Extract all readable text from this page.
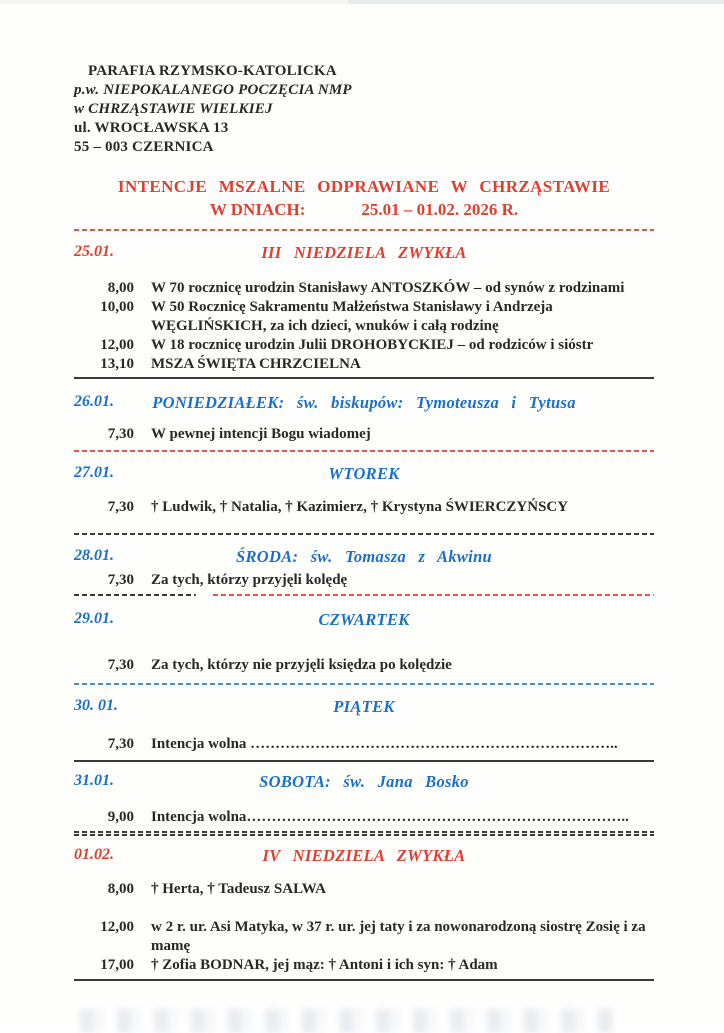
PARAFIA RZYMSKO-KATOLICKA
p.w. NIEPOKALANEGO POCZĘCIA NMP
w CHRZĄSTAWIE WIELKIEJ
ul. WROCŁAWSKA 13
55 – 003 CZERNICA
INTENCJE MSZALNE ODPRAWIANE W CHRZĄSTAWIE
W DNIACH:	25.01 – 01.02. 2026 R.
25.01.	III NIEDZIELA ZWYKŁA
8,00	W 70 rocznicę urodzin Stanisławy ANTOSZKÓW – od synów z rodzinami
10,00	W 50 Rocznicę Sakramentu Małżeństwa Stanisławy i Andrzeja WĘGLIŃSKICH, za ich dzieci, wnuków i całą rodzinę
12,00	W 18 rocznicę urodzin Julii DROHOBYCKIEJ – od rodziców i sióstr
13,10	MSZA ŚWIĘTA CHRZCIELNA
26.01.	PONIEDZIAŁEK: św. biskupów: Tymoteusza i Tytusa
7,30	W pewnej intencji Bogu wiadomej
27.01.	WTOREK
7,30	† Ludwik, † Natalia, † Kazimierz, † Krystyna ŚWIERCZYŃSCY
28.01.	ŚRODA: św. Tomasza z Akwinu
7,30	Za tych, którzy przyjęli kolędę
29.01.	CZWARTEK
7,30	Za tych, którzy nie przyjęli księdza po kolędzie
30. 01.	PIĄTEK
7,30	Intencja wolna ………………………………………………………………..
31.01.	SOBOTA: św. Jana Bosko
9,00	Intencja wolna…………………………………………………………………..
01.02.	IV NIEDZIELA ZWYKŁA
8,00	† Herta, † Tadeusz SALWA
12,00	w 2 r. ur. Asi Matyka, w 37 r. ur. jej taty i za nowonarodzoną siostrę Zosię i za mamę
17,00	† Zofia BODNAR, jej mąz: † Antoni i ich syn: † Adam
